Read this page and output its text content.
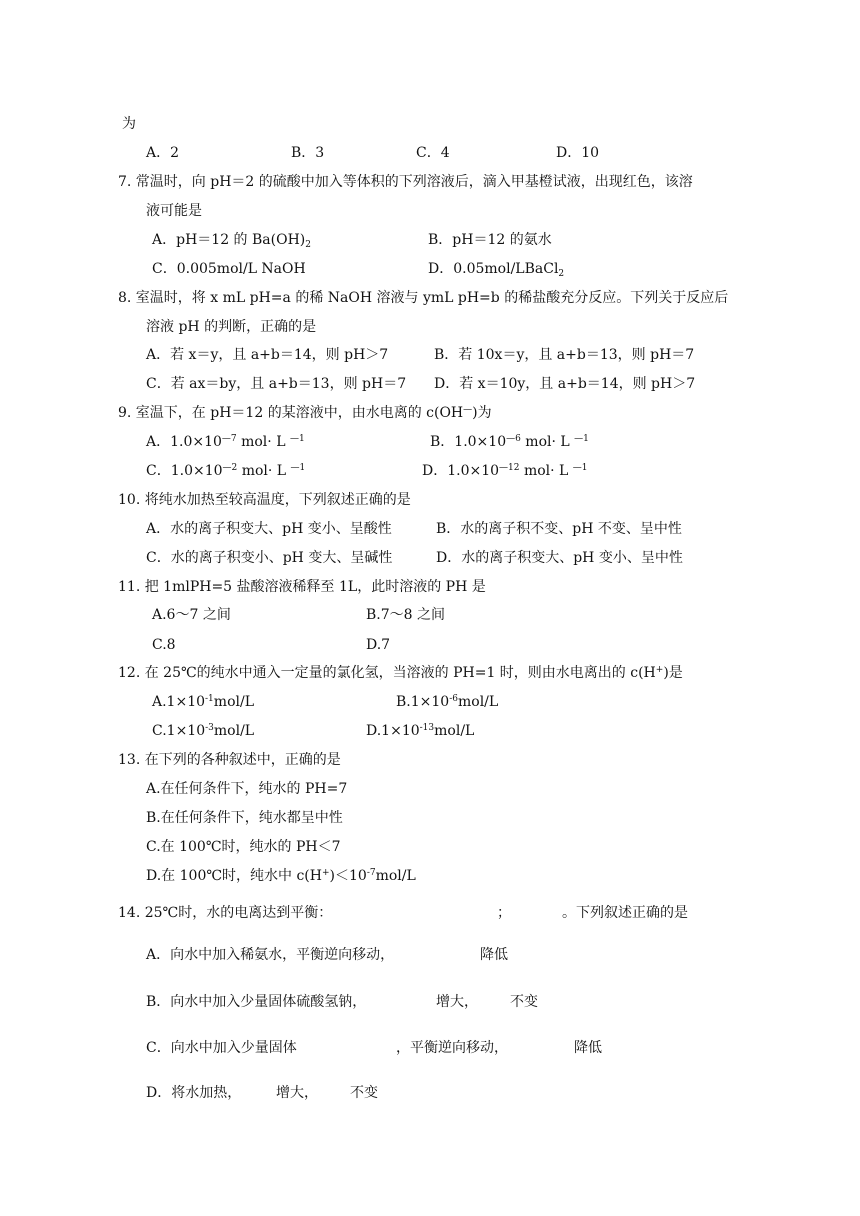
为
A．2	B．3	C．4	D．10
7. 常温时，向 pH＝2 的硫酸中加入等体积的下列溶液后，滴入甲基橙试液，出现红色，该溶
液可能是
A．pH＝12 的 $Ba(OH)_2$	B．pH＝12 的氨水
C．0.005mol/L NaOH	D．0.05mol/LBaCl$_2$
8. 室温时，将 x mL pH=a 的稀 NaOH 溶液与 ymL pH=b 的稀盐酸充分反应。下列关于反应后
溶液 pH 的判断，正确的是
A．若 x＝y，且 a+b＝14，则 pH＞7	B．若 10x＝y，且 a+b＝13，则 pH＝7
C．若 ax＝by，且 a+b＝13，则 pH＝7 D．若 x＝10y，且 a+b＝14，则 pH＞7
9. 室温下，在 pH＝12 的某溶液中，由水电离的 c(OH—)为
A．$1.0\times 10^{—7}$ mol· L $^{—1}$	B．$1.0\times 10^{—6}$ mol· L $^{—1}$
C．$1.0\times 10^{—2}$ mol· L $^{—1}$	D．$1.0\times 10^{—12}$ mol· L $^{—1}$
10. 将纯水加热至较高温度，下列叙述正确的是
A．水的离子积变大、pH 变小、呈酸性	B．水的离子积不变、pH 不变、呈中性
C．水的离子积变小、pH 变大、呈碱性	D．水的离子积变大、pH 变小、呈中性
11. 把 1mlPH=5 盐酸溶液稀释至 1L，此时溶液的 PH 是
A.6～7 之间	B.7～8 之间
C.8	D.7
12. 在 25℃的纯水中通入一定量的氯化氢，当溶液的 PH=1 时，则由水电离出的 c(H+)是
$A.1\times 10^{-1}mol/L$	$B.1\times 10^{-6}mol/L$
$C.1\times 10^{-3}mol/L$	$D.1\times 10^{-13}mol/L$
13. 在下列的各种叙述中，正确的是
A.在任何条件下，纯水的 PH=7
B.在任何条件下，纯水都呈中性
C.在 100℃时，纯水的 PH＜7
D.在 100℃时，纯水中 $c(H^+)<10^{-7}mol/L$
14. 25℃时，水的电离达到平衡：	；	。下列叙述正确的是
A．向水中加入稀氨水，平衡逆向移动，	降低
B．向水中加入少量固体硫酸氢钠，	增大， 不变
C．向水中加入少量固体	，平衡逆向移动，	降低
D．将水加热， 增大， 不变
